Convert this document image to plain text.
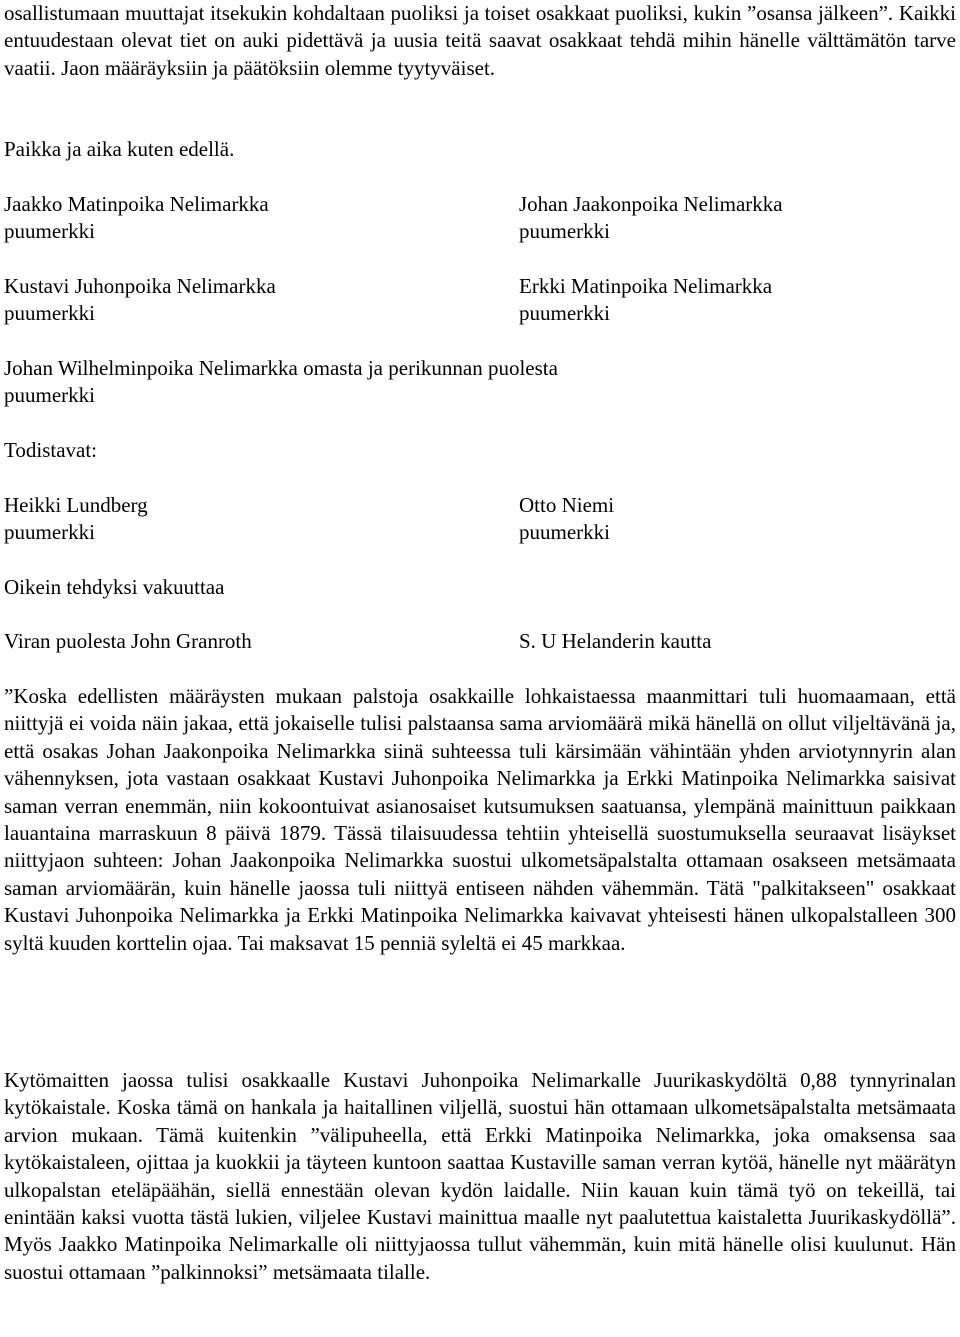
osallistumaan muuttajat itsekukin kohdaltaan puoliksi ja toiset osakkaat puoliksi, kukin ”osansa jälkeen”. Kaikki entuudestaan olevat tiet on auki pidettävä ja uusia teitä saavat osakkaat tehdä mihin hänelle välttämätön tarve vaatii. Jaon määräyksiin ja päätöksiin olemme tyytyväiset.

Paikka ja aika kuten edellä.

Jaakko Matinpoika Nelimarkka

puumerkki

Johan Jaakonpoika Nelimarkka

puumerkki

Kustavi Juhonpoika Nelimarkka

puumerkki

Erkki Matinpoika Nelimarkka

puumerkki

Johan Wilhelminpoika Nelimarkka omasta ja perikunnan puolesta

puumerkki

Todistavat:

Heikki Lundberg

puumerkki

Otto Niemi

puumerkki

Oikein tehdyksi vakuuttaa

Viran puolesta John Granroth	S. U Helanderin kautta

”Koska edellisten määräysten mukaan palstoja osakkaille lohkaistaessa maanmittari tuli huomaamaan, että niittyjä ei voida näin jakaa, että jokaiselle tulisi palstaansa sama arviomäärä mikä hänellä on ollut viljeltävänä ja, että osakas Johan Jaakonpoika Nelimarkka siinä suhteessa tuli kärsimään vähintään yhden arviotynnyrin alan vähennyksen, jota vastaan osakkaat Kustavi Juhonpoika Nelimarkka ja Erkki Matinpoika Nelimarkka saisivat saman verran enemmän, niin kokoontuivat asianosaiset kutsumuksen saatuansa, ylempänä mainittuun paikkaan lauantaina marraskuun 8 päivä 1879. Tässä tilaisuudessa tehtiin yhteisellä suostumuksella seuraavat lisäykset niittyjaon suhteen: Johan Jaakonpoika Nelimarkka suostui ulkometsäpalstalta ottamaan osakseen metsämaata saman arviomäärän, kuin hänelle jaossa tuli niittyä entiseen nähden vähemmän. Tätä "palkitakseen" osakkaat Kustavi Juhonpoika Nelimarkka ja Erkki Matinpoika Nelimarkka kaivavat yhteisesti hänen ulkopalstalleen 300 syltä kuuden korttelin ojaa. Tai maksavat 15 penniä syleltä ei 45 markkaa.

Kytömaitten jaossa tulisi osakkaalle Kustavi Juhonpoika Nelimarkalle Juurikaskydöltä 0,88 tynnyrinalan kytökaistale. Koska tämä on hankala ja haitallinen viljellä, suostui hän ottamaan ulkometsäpalstalta metsämaata arvion mukaan. Tämä kuitenkin ”välipuheella, että Erkki Matinpoika Nelimarkka, joka omaksensa saa kytökaistaleen, ojittaa ja kuokkii ja täyteen kuntoon saattaa Kustaville saman verran kytöä, hänelle nyt määrätyn ulkopalstan eteläpäähän, siellä ennestään olevan kydön laidalle. Niin kauan kuin tämä työ on tekeillä, tai enintään kaksi vuotta tästä lukien, viljelee Kustavi mainittua maalle nyt paalutettua kaistaletta Juurikaskydöllä”. Myös Jaakko Matinpoika Nelimarkalle oli niittyjaossa tullut vähemmän, kuin mitä hänelle olisi kuulunut. Hän suostui ottamaan ”palkinnoksi” metsämaata tilalle.
